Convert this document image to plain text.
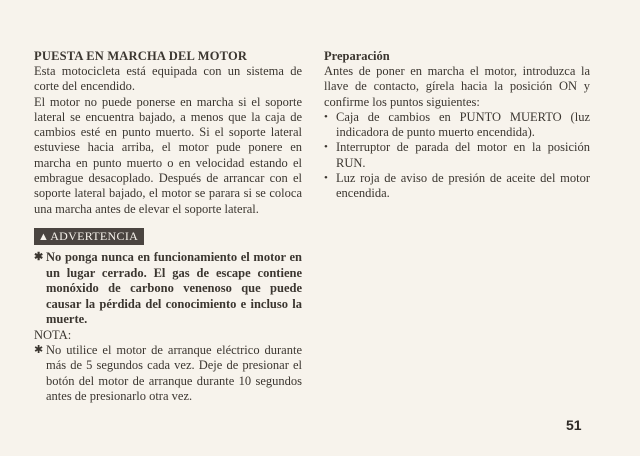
PUESTA EN MARCHA DEL MOTOR

Esta motocicleta está equipada con un sistema de corte del encendido.

El motor no puede ponerse en marcha si el soporte lateral se encuentra bajado, a menos que la caja de cambios esté en punto muerto. Si el soporte lateral estuviese hacia arriba, el motor pude ponere en marcha en punto muerto o en velocidad estando el embrague desacoplado. Después de arrancar con el soporte lateral bajado, el motor se parara si se coloca una marcha antes de elevar el soporte lateral.

▲ADVERTENCIA
✱ No ponga nunca en funcionamiento el motor en un lugar cerrado. El gas de escape contiene monóxido de carbono venenoso que puede causar la pérdida del conocimiento e incluso la muerte.

NOTA:

✱ No utilice el motor de arranque eléctrico durante más de 5 segundos cada vez. Deje de presionar el botón del motor de arranque durante 10 segundos antes de presionarlo otra vez.

Preparación

Antes de poner en marcha el motor, introduzca la llave de contacto, gírela hacia la posición ON y confirme los puntos siguientes:

• Caja de cambios en PUNTO MUERTO (luz indicadora de punto muerto encendida).
• Interruptor de parada del motor en la posición RUN.
• Luz roja de aviso de presión de aceite del motor encendida.
51
